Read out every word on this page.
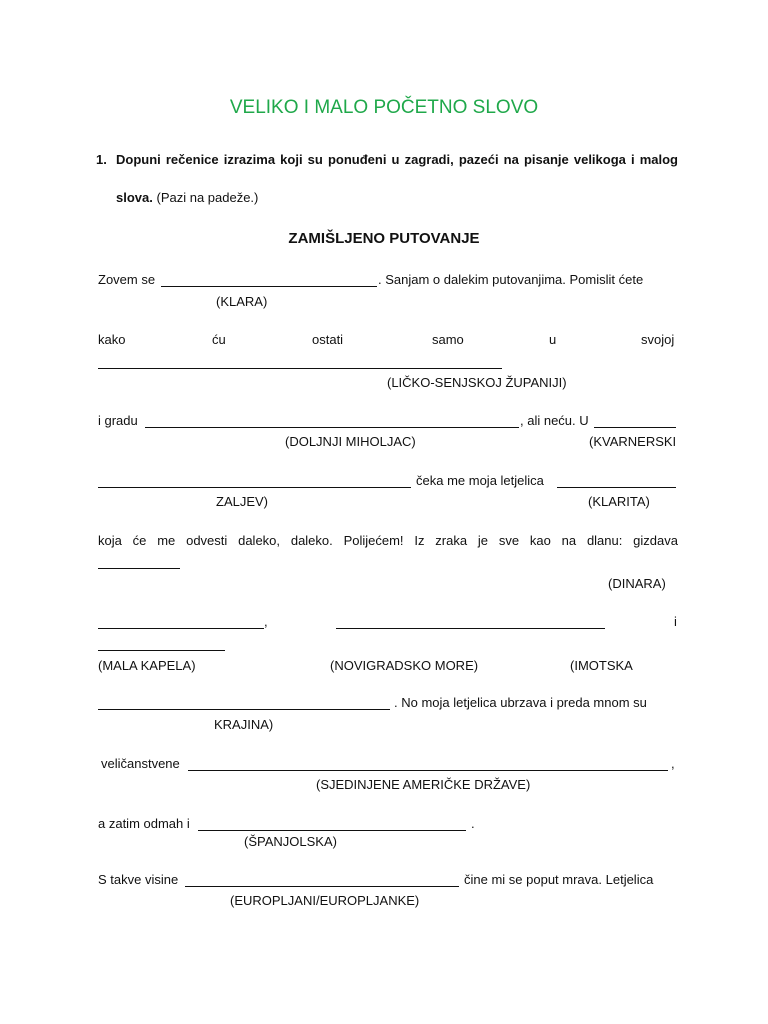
VELIKO I MALO POČETNO SLOVO
1. Dopuni rečenice izrazima koji su ponuđeni u zagradi, pazeći na pisanje velikoga i malog
slova. (Pazi na padeže.)
ZAMIŠLJENO PUTOVANJE
Zovem se	. Sanjam o dalekim putovanjima. Pomislit ćete
(KLARA)
kako	ću	ostati	samo	u	svojoj
(LIČKO-SENJSKOJ ŽUPANIJI)
i gradu	, ali neću. U
(DOLJNJI MIHOLJAC)	(KVARNERSKI
čeka me moja letjelica
ZALJEV)	(KLARITA)
koja će me odvesti daleko, daleko. Polijećem! Iz zraka je sve kao na dlanu: gizdava
(DINARA)
,	i
(MALA KAPELA)	(NOVIGRADSKO MORE)	(IMOTSKA
. No moja letjelica ubrzava i preda mnom su
KRAJINA)
veličanstvene	,
(SJEDINJENE AMERIČKE DRŽAVE)
a zatim odmah i	.
(ŠPANJOLSKA)
S takve visine	čine mi se poput mrava. Letjelica
(EUROPLJANI/EUROPLJANKE)
